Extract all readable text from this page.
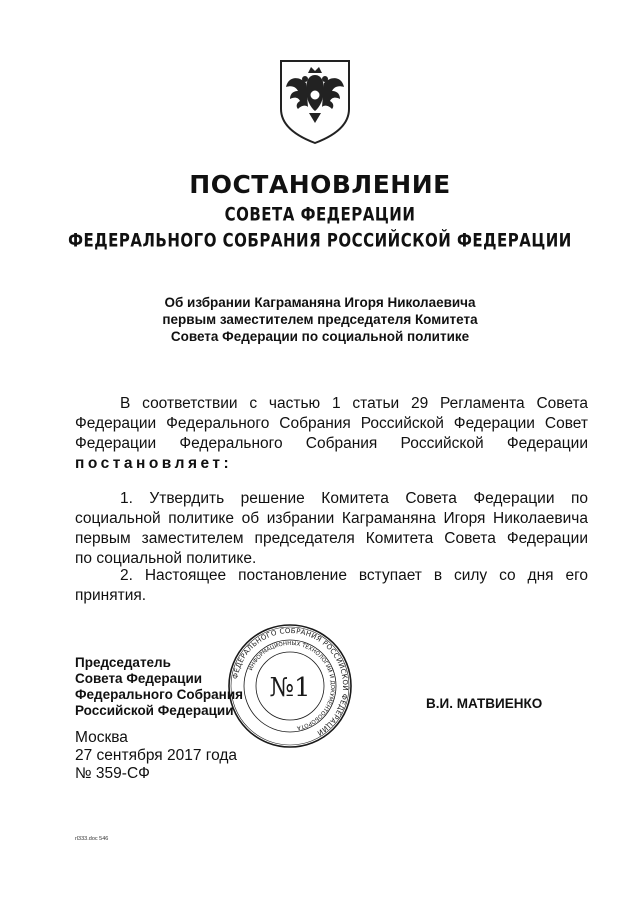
ПОСТАНОВЛЕНИЕ
СОВЕТА ФЕДЕРАЦИИ
ФЕДЕРАЛЬНОГО СОБРАНИЯ РОССИЙСКОЙ ФЕДЕРАЦИИ
Об избрании Каграманяна Игоря Николаевича
первым заместителем председателя Комитета
Совета Федерации по социальной политике
В соответствии с частью 1 статьи 29 Регламента Совета
Федерации Федерального Собрания Российской Федерации Совет
Федерации Федерального Собрания Российской Федерации
постановляет:
1. Утвердить решение Комитета Совета Федерации по
социальной политике об избрании Каграманяна Игоря Николаевича
первым заместителем председателя Комитета Совета Федерации
по социальной политике.
2. Настоящее постановление вступает в силу со дня его
принятия.
Председатель
Совета Федерации
Федерального Собрания
Российской Федерации	В.И. МАТВИЕНКО
ФЕДЕРАЛЬНОГО СОБРАНИЯ РОССИЙСКОЙ ФЕДЕРАЦИИ
ИНФОРМАЦИОННЫХ ТЕХНОЛОГИЙ И ДОКУМЕНТООБОРОТА
№1
Москва
27 сентября 2017 года
№ 359-СФ
rl333.doc 546
